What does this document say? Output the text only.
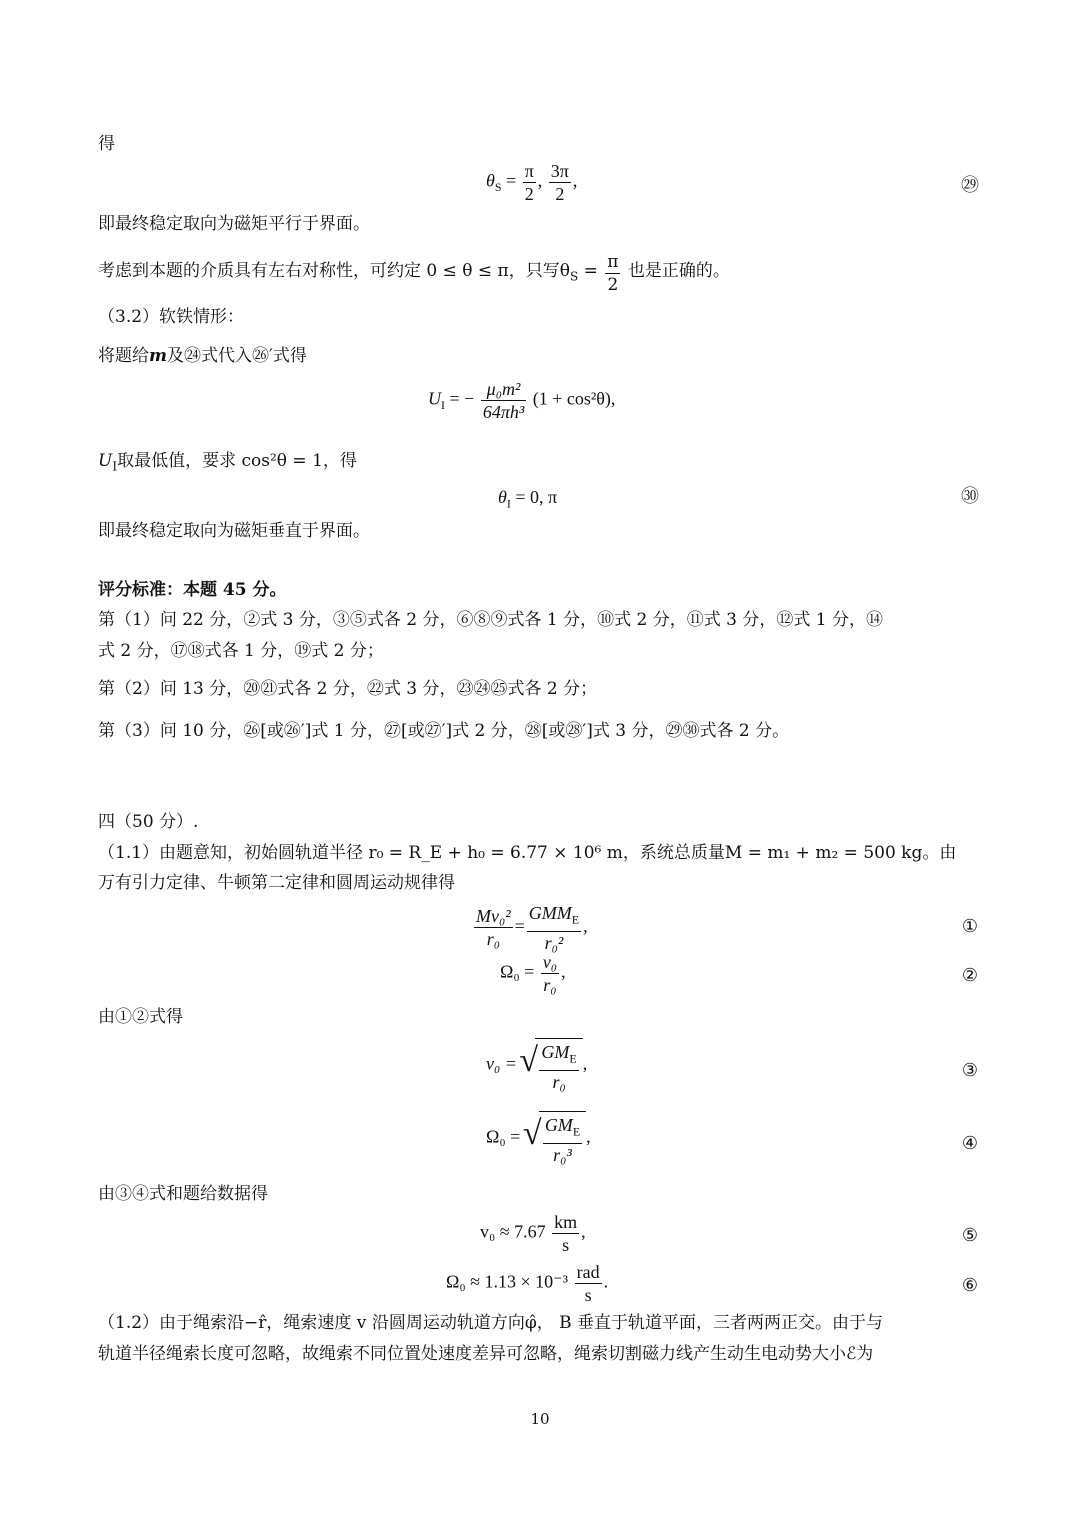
得
$\theta_S = \frac{\pi}{2}$ , $\frac{3\pi}{2}$ ,	㉙
即最终稳定取向为磁矩平行于界面。
考虑到本题的介质具有左右对称性，可约定 0 ≤ θ ≤ π，只写$\theta_S = \frac{\pi}{2}$ 也是正确的。
（3.2）软铁情形：
将题给m及㉔式代入㉖′式得
$U_I$ = − $\frac{\text{μ₀m²}}{\text{64πh³}} (1 + \cos^2\theta)$,
$U_I$取最低值，要求 cos²θ = 1，得
$\theta_I = 0$, π	㉚
即最终稳定取向为磁矩垂直于界面。
评分标准：本题 45 分。
第（1）问 22 分，②式 3 分，③⑤式各 2 分，⑥⑧⑨式各 1 分，⑩式 2 分，⑪式 3 分，⑫式 1 分，⑭
式 2 分，⑰⑱式各 1 分，⑲式 2 分；
第（2）问 13 分，⑳㉑式各 2 分，㉒式 3 分，㉓㉔㉕式各 2 分；
第（3）问 10 分，㉖[或㉖′]式 1 分，㉗[或㉗′]式 2 分，㉘[或㉘′]式 3 分，㉙㉚式各 2 分。
四（50 分）.
（1.1）由题意知，初始圆轨道半径 r₀ = R_E + h₀ = 6.77 × 10⁶ m，系统总质量M = m₁ + m₂ = 500 kg。由
万有引力定律、牛顿第二定律和圆周运动规律得
$\frac{\text{Mv₀²}}{\text{r₀}} = \frac{GMM_E}{\text{r₀²}}$ ,	①
$\Omega_0 = \frac{\text{v₀}}{\text{r₀}}$ ,	②
由①②式得
v₀ = √ $\frac{GM_E}{\text{r₀}}$ ,	③
Ω₀ = √ $\frac{GM_E}{\text{r₀³}}$ ,	④
由③④式和题给数据得
$v_0 \approx 7.67 \frac{km}{s}$ ,	⑤
$\Omega_0 \approx 1.13 \times 10^{-3} \frac{\text{rad}}{s}$ .	⑥
（1.2）由于绳索沿−r̂，绳索速度 v 沿圆周运动轨道方向φ̂， B 垂直于轨道平面，三者两两正交。由于与
轨道半径绳索长度可忽略，故绳索不同位置处速度差异可忽略，绳索切割磁力线产生动生电动势大小ℰ为
10
